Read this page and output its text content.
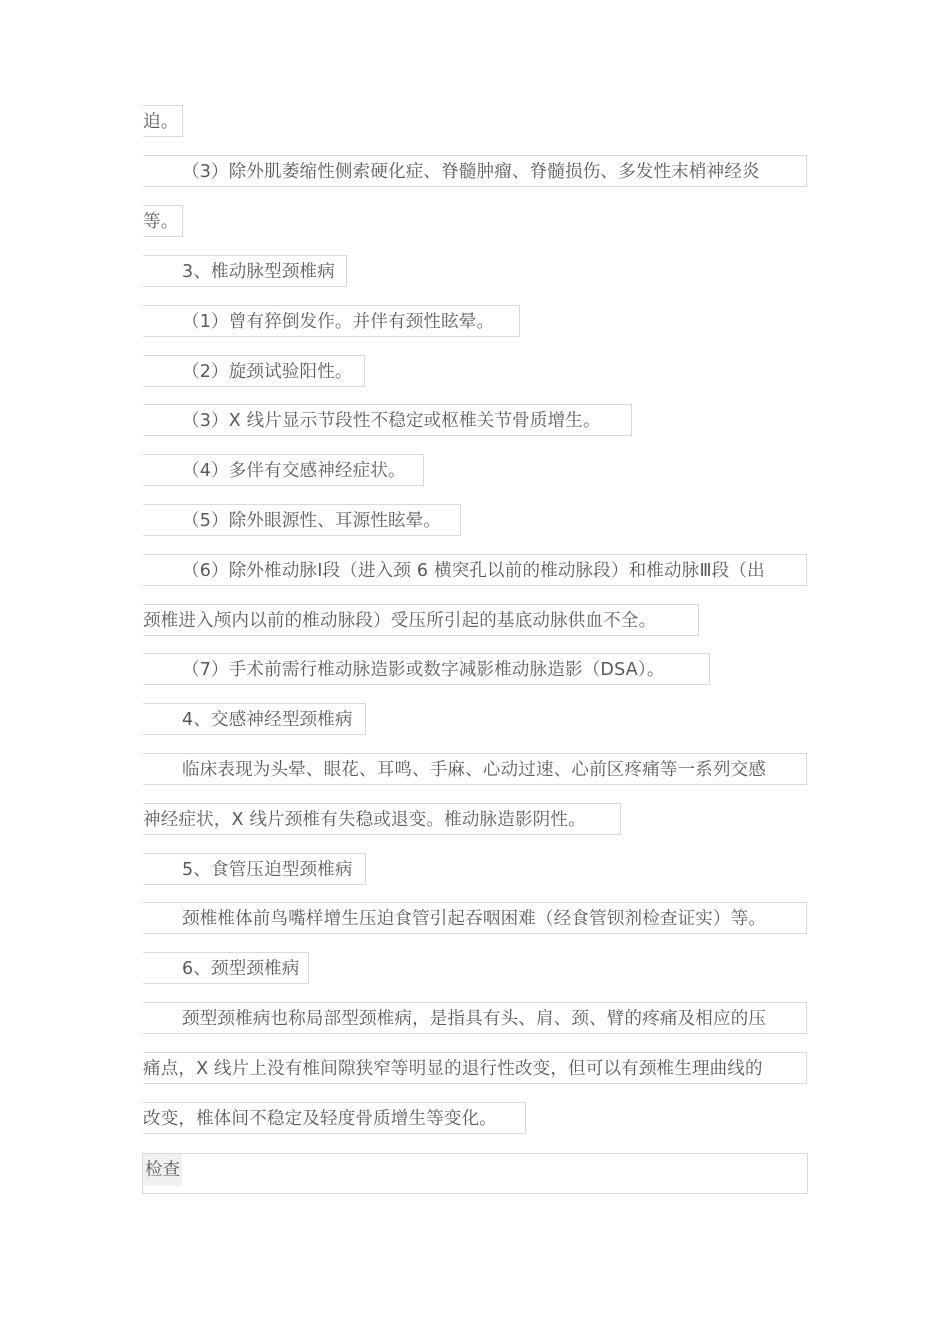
迫。
（3）除外肌萎缩性侧索硬化症、脊髓肿瘤、脊髓损伤、多发性末梢神经炎
等。
3、椎动脉型颈椎病
（1）曾有猝倒发作。并伴有颈性眩晕。
（2）旋颈试验阳性。
（3）X 线片显示节段性不稳定或枢椎关节骨质增生。
（4）多伴有交感神经症状。
（5）除外眼源性、耳源性眩晕。
（6）除外椎动脉Ⅰ段（进入颈 6 横突孔以前的椎动脉段）和椎动脉Ⅲ段（出
颈椎进入颅内以前的椎动脉段）受压所引起的基底动脉供血不全。
（7）手术前需行椎动脉造影或数字减影椎动脉造影（DSA）。
4、交感神经型颈椎病
临床表现为头晕、眼花、耳鸣、手麻、心动过速、心前区疼痛等一系列交感
神经症状，X 线片颈椎有失稳或退变。椎动脉造影阴性。
5、食管压迫型颈椎病
颈椎椎体前鸟嘴样增生压迫食管引起吞咽困难（经食管钡剂检查证实）等。
6、颈型颈椎病
颈型颈椎病也称局部型颈椎病，是指具有头、肩、颈、臂的疼痛及相应的压
痛点，X 线片上没有椎间隙狭窄等明显的退行性改变，但可以有颈椎生理曲线的
改变，椎体间不稳定及轻度骨质增生等变化。
检查
